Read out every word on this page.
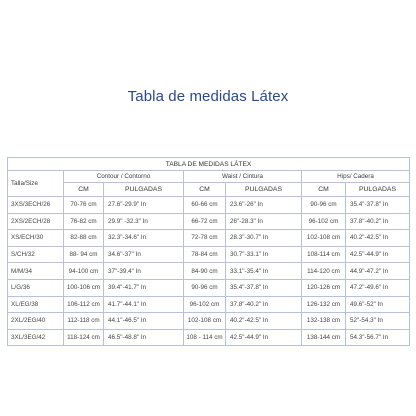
Tabla de medidas Látex
TABLA DE MEDIDAS LÁTEX						
Talla/Size	Contour / Contorno		Waist / Cintura		Hips/ Cadera	
	CM	PULGADAS	CM	PULGADAS	CM	PULGADAS
3XS/3ECH/26	70-76 cm	27.6"-29.9" In	60-66 cm	23.6"-26" In	90-96 cm	35.4"-37.8" In
2XS/2ECH/28	76-82 cm	29.9" -32.3" In	66-72 cm	26"-28.3" In	96-102 cm	37.8"-40.2" In
XS/ECH/30	82-88 cm	32.3"-34.6" In	72-78 cm	28.3"-30.7" In	102-108 cm	40.2"-42.5" In
S/CH/32	88- 94 cm	34.6"-37" In	78-84 cm	30.7"-33.1" In	108-114 cm	42.5"-44.9" In
M/M/34	94-100 cm	37"-39.4" In	84-90 cm	33.1"-35.4" In	114-120 cm	44.9"-47.2" In
L/G/36	100-106 cm	39.4"-41.7" In	90-96 cm	35.4"-37.8" In	120-126 cm	47.2"-49.6" In
XL/EG/38	106-112 cm	41.7"-44.1" In	96-102 cm	37.8"-40.2" In	126-132 cm	49.6"-52" In
2XL/2EG/40	112-118 cm	44.1"-46.5" In	102-108 cm	40.2"-42.5" In	132-138 cm	52"-54.3" In
3XL/3EG/42	118-124 cm	46.5"-48.8" In	108 - 114 cm	42.5"-44.9" In	138-144 cm	54.3"-56.7" In
